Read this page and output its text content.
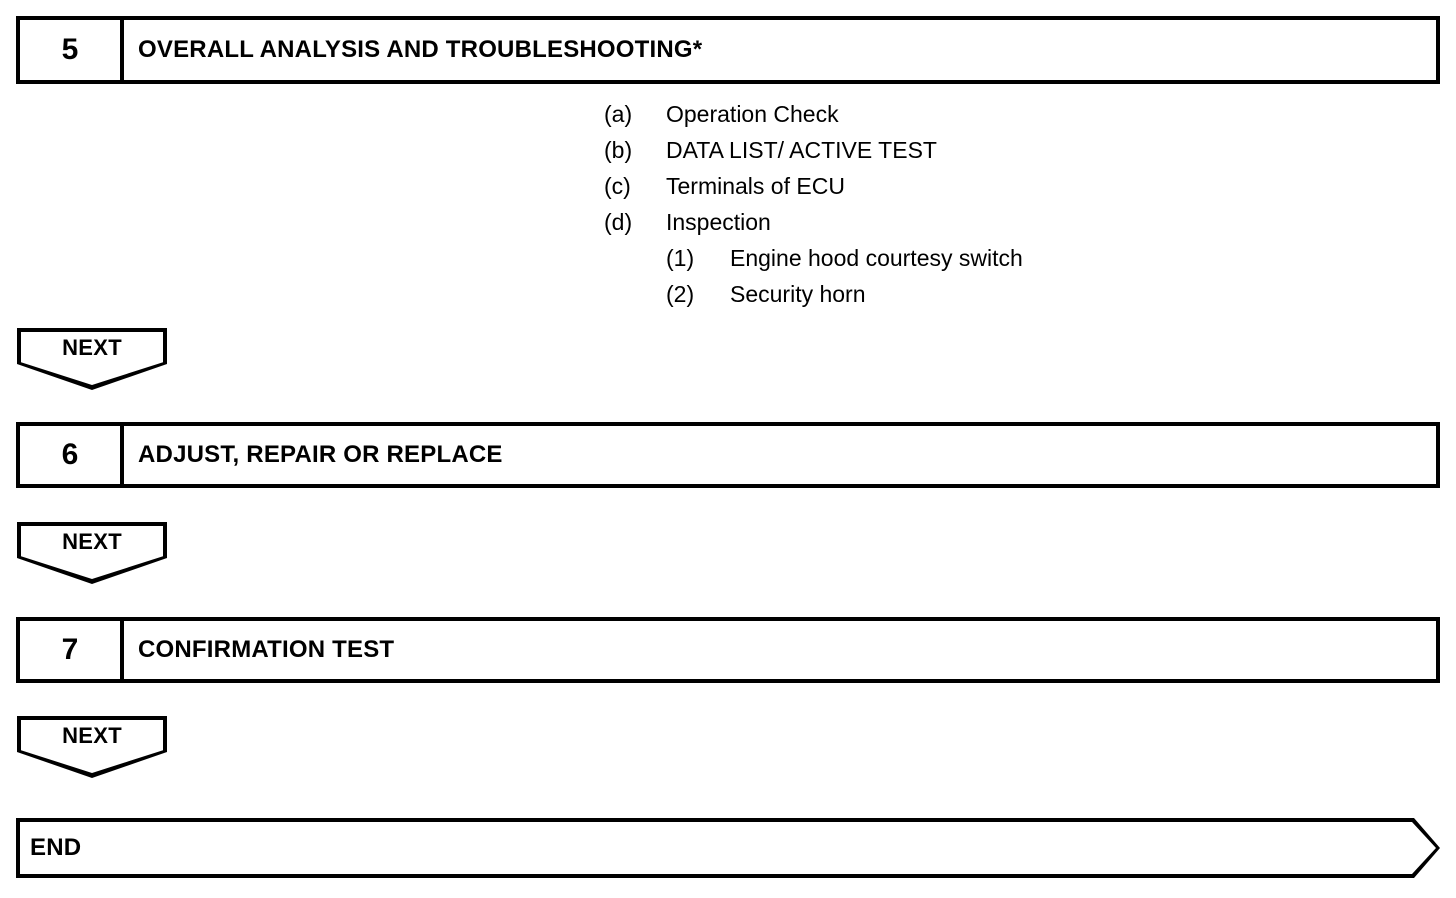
5	OVERALL ANALYSIS AND TROUBLESHOOTING*
(a)	Operation Check
(b)	DATA LIST/ ACTIVE TEST
(c)	Terminals of ECU
(d)	Inspection
(1)	Engine hood courtesy switch
(2)	Security horn
NEXT
6	ADJUST, REPAIR OR REPLACE
NEXT
7	CONFIRMATION TEST
NEXT
END
